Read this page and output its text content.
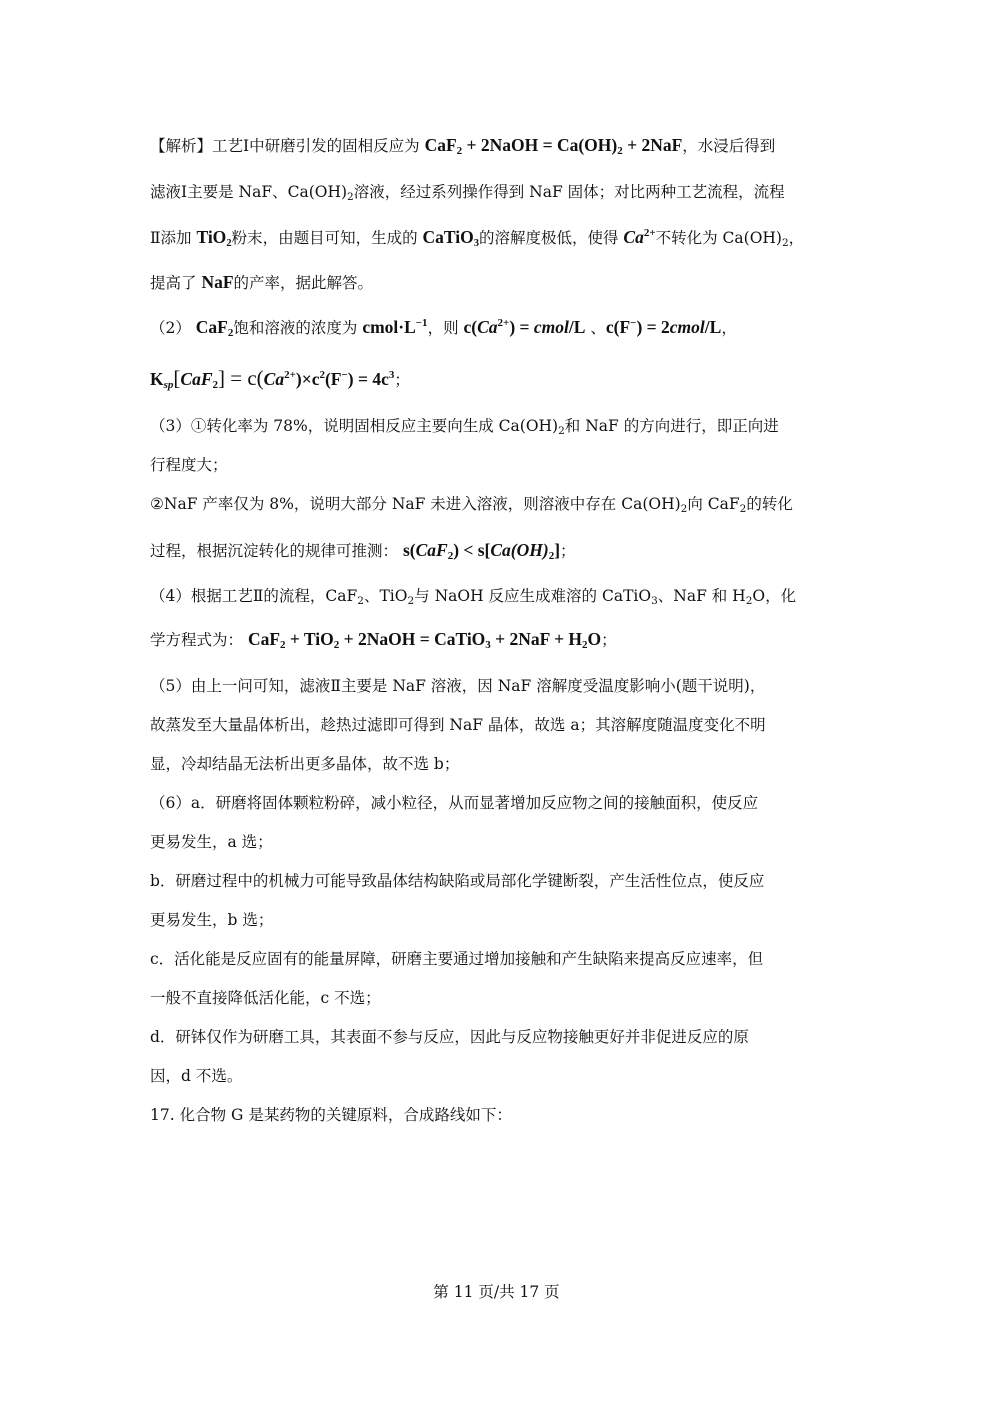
【解析】工艺Ⅰ中研磨引发的固相反应为 CaF$_2$ + 2NaOH = $Ca(OH)_2 + 2NaF$，水浸后得到
滤液Ⅰ主要是 NaF、$Ca(OH)_2$溶液，经过系列操作得到 NaF 固体；对比两种工艺流程，流程
Ⅱ添加 TiO$_2$粉末，由题目可知，生成的 CaTiO$_3$的溶解度极低，使得 $Ca^{2+}$不转化为 $Ca(OH)_2$，
提高了 NaF的产率，据此解答。
（2） CaF$_2$饱和溶液的浓度为 $cmol\cdot L^{-1}$，则 $c(Ca^{2+})$ = cmol/L 、c(F−) = 2cmol/L，
$K_{sp}[CaF_2] = c(Ca^{2+})\times c^2(F^-) = 4c^3$；
（3）①转化率为 78%，说明固相反应主要向生成 $Ca(OH)_2$和 NaF 的方向进行，即正向进
行程度大；
②NaF 产率仅为 8%，说明大部分 NaF 未进入溶液，则溶液中存在 $Ca(OH)_2$向 CaF$_2$的转化
过程，根据沉淀转化的规律可推测： $s(CaF_2) < s[Ca(OH)_2]$；
（4）根据工艺Ⅱ的流程，CaF$_2$、TiO$_2$与 NaOH 反应生成难溶的 CaTiO$_3$、NaF 和 $H_2O$，化
学方程式为： CaF$_2$ + TiO$_2$ + 2NaOH = CaTiO$_3$ + $2NaF + H_2O$；
（5）由上一问可知，滤液Ⅱ主要是 NaF 溶液，因 NaF 溶解度受温度影响小(题干说明)，
故蒸发至大量晶体析出，趁热过滤即可得到 NaF 晶体，故选 a；其溶解度随温度变化不明
显，冷却结晶无法析出更多晶体，故不选 b；
（6）a．研磨将固体颗粒粉碎，减小粒径，从而显著增加反应物之间的接触面积，使反应
更易发生，a 选；
b．研磨过程中的机械力可能导致晶体结构缺陷或局部化学键断裂，产生活性位点，使反应
更易发生，b 选；
c．活化能是反应固有的能量屏障，研磨主要通过增加接触和产生缺陷来提高反应速率，但
一般不直接降低活化能，c 不选；
d．研钵仅作为研磨工具，其表面不参与反应，因此与反应物接触更好并非促进反应的原
因，d 不选。
17. 化合物 G 是某药物的关键原料，合成路线如下：
第 11 页/共 17 页
